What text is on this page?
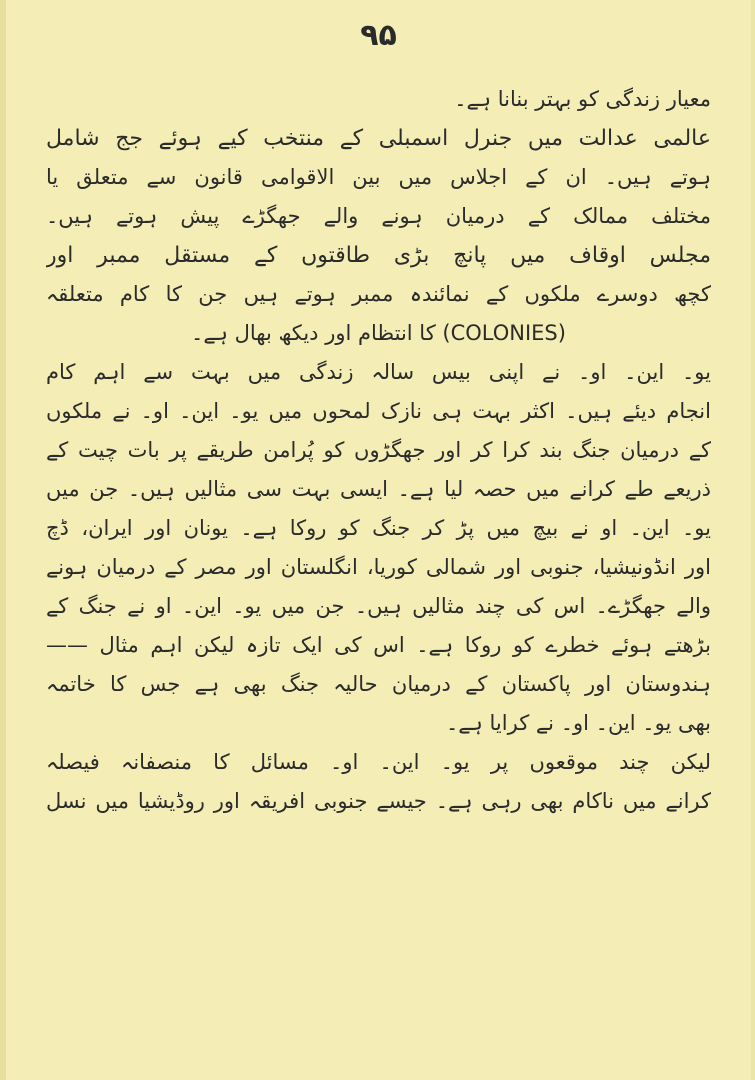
۹۵
معیار زندگی کو بہتر بنانا ہے۔
عالمی عدالت میں جنرل اسمبلی کے منتخب کیے ہوئے جج شامل
ہوتے ہیں۔ ان کے اجلاس میں بین الاقوامی قانون سے متعلق یا
مختلف ممالک کے درمیان ہونے والے جھگڑے پیش ہوتے ہیں۔
مجلس اوقاف میں پانچ بڑی طاقتوں کے مستقل ممبر اور
کچھ دوسرے ملکوں کے نمائندہ ممبر ہوتے ہیں جن کا کام متعلقہ
(COLONIES) کا انتظام اور دیکھ بھال ہے۔
یو۔ این۔ او۔ نے اپنی بیس سالہ زندگی میں بہت سے اہم کام
انجام دیئے ہیں۔ اکثر بہت ہی نازک لمحوں میں یو۔ این۔ او۔ نے ملکوں
کے درمیان جنگ بند کرا کر اور جھگڑوں کو پُرامن طریقے پر بات چیت کے
ذریعے طے کرانے میں حصہ لیا ہے۔ ایسی بہت سی مثالیں ہیں۔ جن میں
یو۔ این۔ او نے بیچ میں پڑ کر جنگ کو روکا ہے۔ یونان اور ایران، ڈچ
اور انڈونیشیا، جنوبی اور شمالی کوریا، انگلستان اور مصر کے درمیان ہونے
والے جھگڑے۔ اس کی چند مثالیں ہیں۔ جن میں یو۔ این۔ او نے جنگ کے
بڑھتے ہوئے خطرے کو روکا ہے۔ اس کی ایک تازہ لیکن اہم مثال ——
ہندوستان اور پاکستان کے درمیان حالیہ جنگ بھی ہے جس کا خاتمہ
بھی یو۔ این۔ او۔ نے کرایا ہے۔
لیکن چند موقعوں پر یو۔ این۔ او۔ مسائل کا منصفانہ فیصلہ
کرانے میں ناکام بھی رہی ہے۔ جیسے جنوبی افریقہ اور روڈیشیا میں نسل
